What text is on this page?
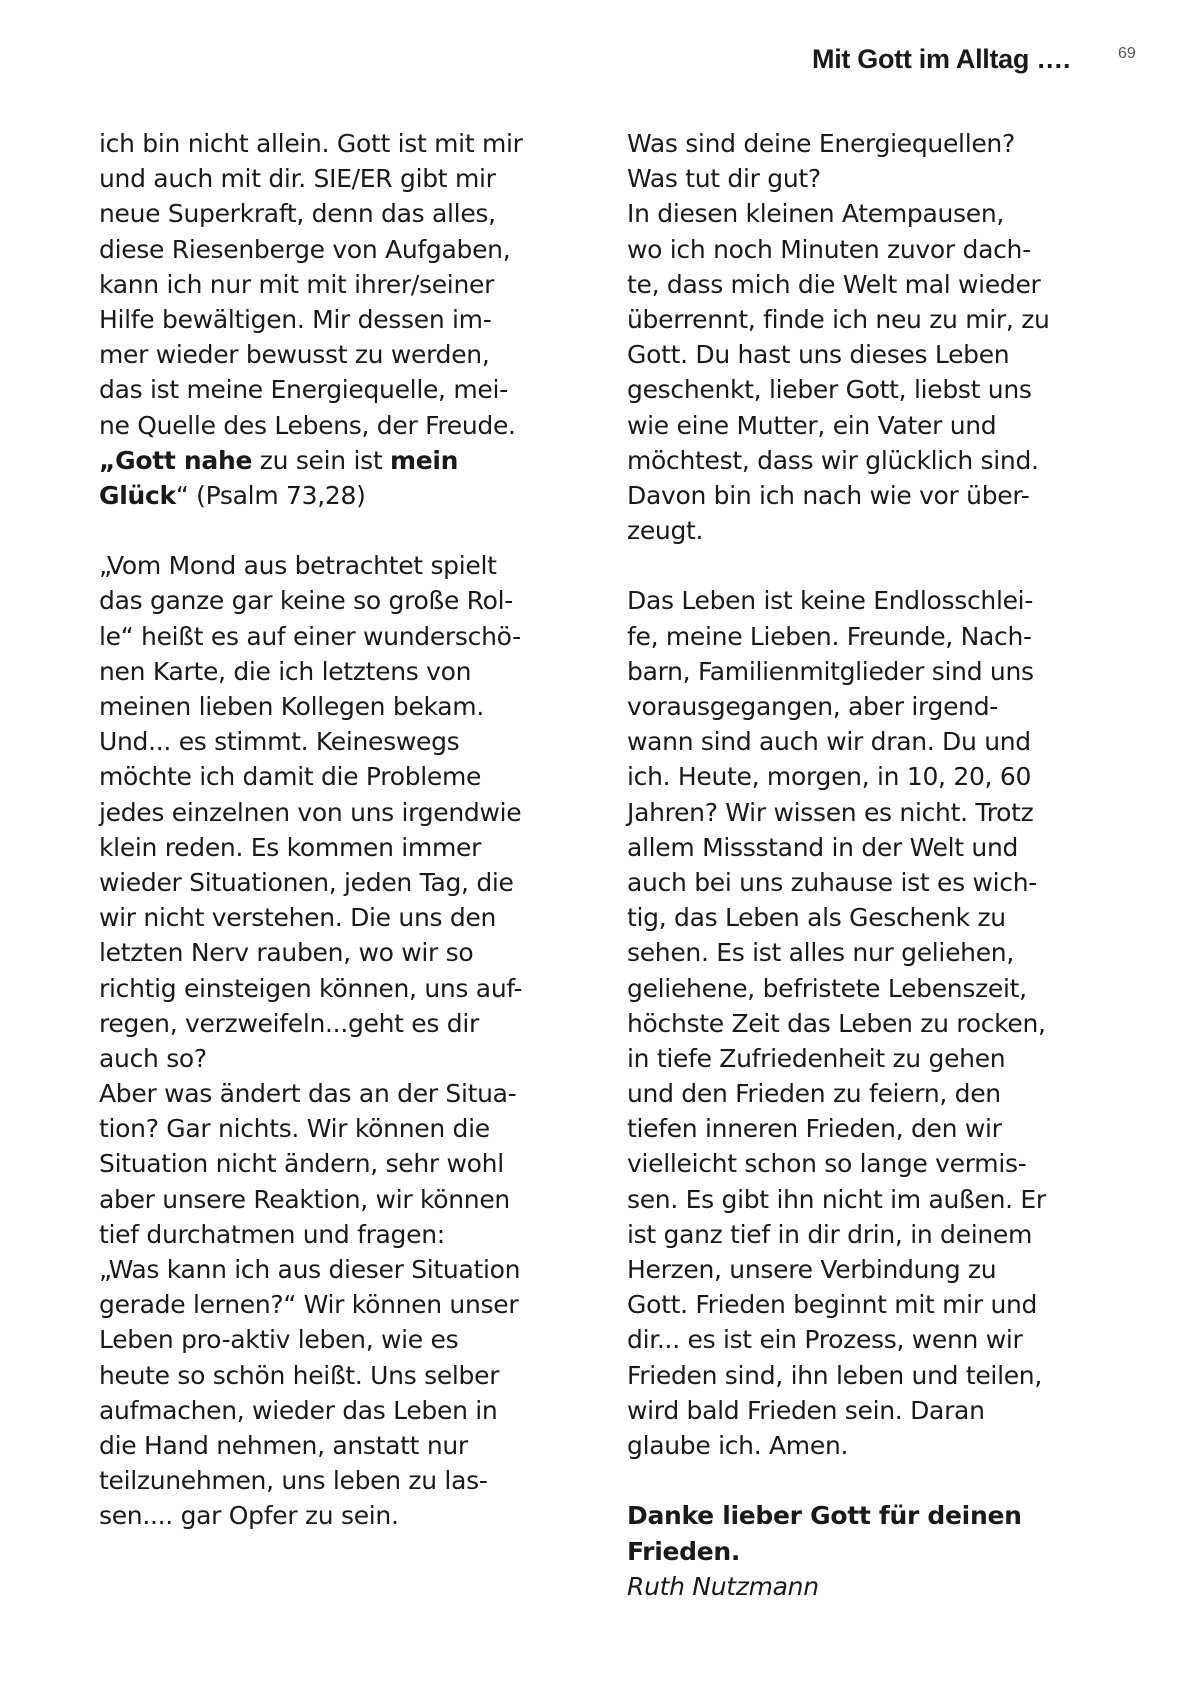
Mit Gott im Alltag ….	69
ich bin nicht allein. Gott ist mit mir
und auch mit dir. SIE/ER gibt mir
neue Superkraft, denn das alles,
diese Riesenberge von Aufgaben,
kann ich nur mit mit ihrer/seiner
Hilfe bewältigen. Mir dessen im-
mer wieder bewusst zu werden,
das ist meine Energiequelle, mei-
ne Quelle des Lebens, der Freude.
„Gott nahe zu sein ist mein
Glück“ (Psalm 73,28)
„Vom Mond aus betrachtet spielt
das ganze gar keine so große Rol-
le“ heißt es auf einer wunderschö-
nen Karte, die ich letztens von
meinen lieben Kollegen bekam.
Und... es stimmt. Keineswegs
möchte ich damit die Probleme
jedes einzelnen von uns irgendwie
klein reden. Es kommen immer
wieder Situationen, jeden Tag, die
wir nicht verstehen. Die uns den
letzten Nerv rauben, wo wir so
richtig einsteigen können, uns auf-
regen, verzweifeln...geht es dir
auch so?
Aber was ändert das an der Situa-
tion? Gar nichts. Wir können die
Situation nicht ändern, sehr wohl
aber unsere Reaktion, wir können
tief durchatmen und fragen:
„Was kann ich aus dieser Situation
gerade lernen?“ Wir können unser
Leben pro-aktiv leben, wie es
heute so schön heißt. Uns selber
aufmachen, wieder das Leben in
die Hand nehmen, anstatt nur
teilzunehmen, uns leben zu las-
sen.... gar Opfer zu sein.
Was sind deine Energiequellen?
Was tut dir gut?
In diesen kleinen Atempausen,
wo ich noch Minuten zuvor dach-
te, dass mich die Welt mal wieder
überrennt, finde ich neu zu mir, zu
Gott. Du hast uns dieses Leben
geschenkt, lieber Gott, liebst uns
wie eine Mutter, ein Vater und
möchtest, dass wir glücklich sind.
Davon bin ich nach wie vor über-
zeugt.
Das Leben ist keine Endlosschlei-
fe, meine Lieben. Freunde, Nach-
barn, Familienmitglieder sind uns
vorausgegangen, aber irgend-
wann sind auch wir dran. Du und
ich. Heute, morgen, in 10, 20, 60
Jahren? Wir wissen es nicht. Trotz
allem Missstand in der Welt und
auch bei uns zuhause ist es wich-
tig, das Leben als Geschenk zu
sehen. Es ist alles nur geliehen,
geliehene, befristete Lebenszeit,
höchste Zeit das Leben zu rocken,
in tiefe Zufriedenheit zu gehen
und den Frieden zu feiern, den
tiefen inneren Frieden, den wir
vielleicht schon so lange vermis-
sen. Es gibt ihn nicht im außen. Er
ist ganz tief in dir drin, in deinem
Herzen, unsere Verbindung zu
Gott. Frieden beginnt mit mir und
dir... es ist ein Prozess, wenn wir
Frieden sind, ihn leben und teilen,
wird bald Frieden sein. Daran
glaube ich. Amen.
Danke lieber Gott für deinen
Frieden.
Ruth Nutzmann
